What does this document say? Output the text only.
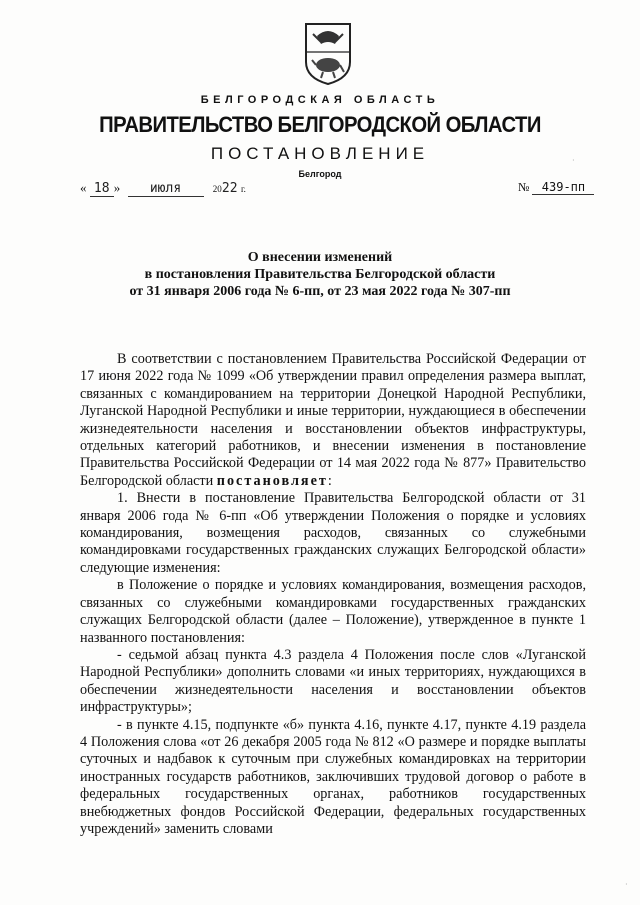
БЕЛГОРОДСКАЯ ОБЛАСТЬ
ПРАВИТЕЛЬСТВО БЕЛГОРОДСКОЙ ОБЛАСТИ
ПОСТАНОВЛЕНИЕ
Белгород
« 18 » июля	2022 г.	№ 439-пп
О внесении изменений
в постановления Правительства Белгородской области
от 31 января 2006 года № 6-пп, от 23 мая 2022 года № 307-пп

В соответствии с постановлением Правительства Российской Федерации от 17 июня 2022 года № 1099 «Об утверждении правил определения размера выплат, связанных с командированием на территории Донецкой Народной Республики, Луганской Народной Республики и иные территории, нуждающиеся в обеспечении жизнедеятельности населения и восстановлении объектов инфраструктуры, отдельных категорий работников, и внесении изменения в постановление Правительства Российской Федерации от 14 мая 2022 года № 877» Правительство Белгородской области постановляет:

1. Внести в постановление Правительства Белгородской области от 31 января 2006 года № 6-пп «Об утверждении Положения о порядке и условиях командирования, возмещения расходов, связанных со служебными командировками государственных гражданских служащих Белгородской области» следующие изменения:

в Положение о порядке и условиях командирования, возмещения расходов, связанных со служебными командировками государственных гражданских служащих Белгородской области (далее – Положение), утвержденное в пункте 1 названного постановления:

- седьмой абзац пункта 4.3 раздела 4 Положения после слов «Луганской Народной Республики» дополнить словами «и иных территориях, нуждающихся в обеспечении жизнедеятельности населения и восстановлении объектов инфраструктуры»;

- в пункте 4.15, подпункте «б» пункта 4.16, пункте 4.17, пункте 4.19 раздела 4 Положения слова «от 26 декабря 2005 года № 812 «О размере и порядке выплаты суточных и надбавок к суточным при служебных командировках на территории иностранных государств работников, заключивших трудовой договор о работе в федеральных государственных органах, работников государственных внебюджетных фондов Российской Федерации, федеральных государственных учреждений» заменить словами

·
·
